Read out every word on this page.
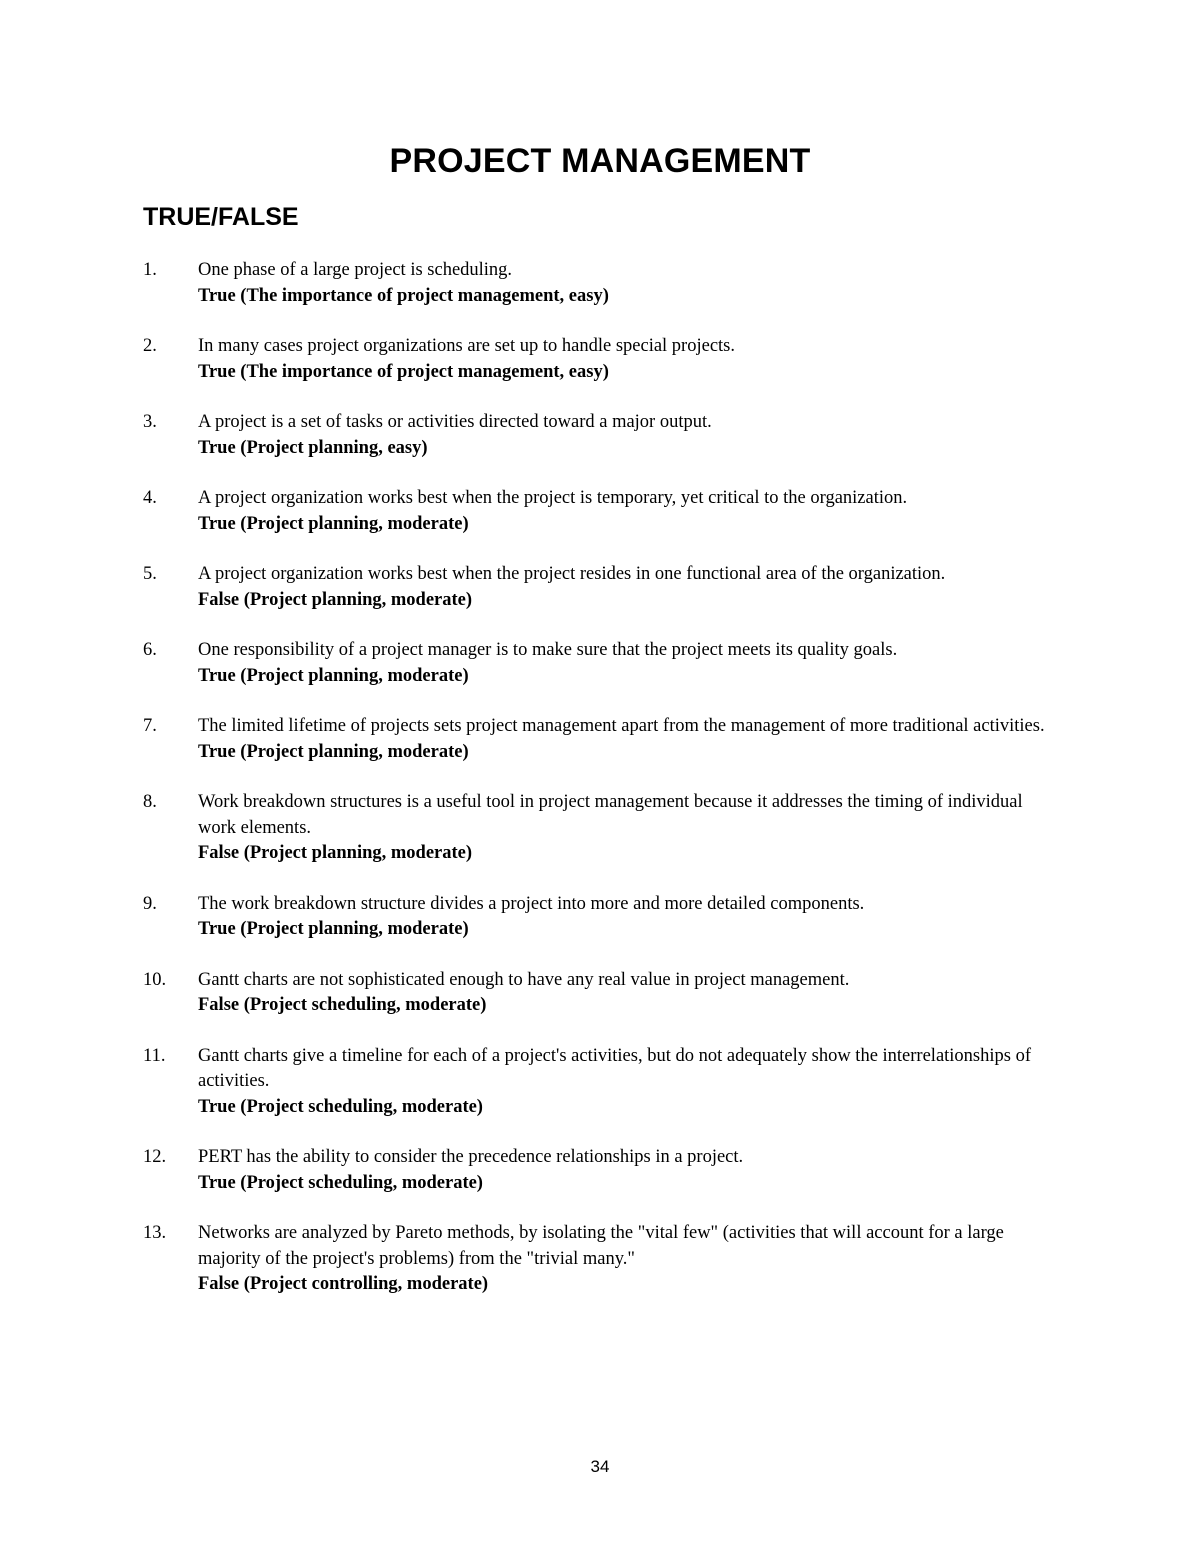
PROJECT MANAGEMENT
TRUE/FALSE
1. One phase of a large project is scheduling.
True (The importance of project management, easy)
2. In many cases project organizations are set up to handle special projects.
True (The importance of project management, easy)
3. A project is a set of tasks or activities directed toward a major output.
True (Project planning, easy)
4. A project organization works best when the project is temporary, yet critical to the organization.
True (Project planning, moderate)
5. A project organization works best when the project resides in one functional area of the organization.
False (Project planning, moderate)
6. One responsibility of a project manager is to make sure that the project meets its quality goals.
True (Project planning, moderate)
7. The limited lifetime of projects sets project management apart from the management of more traditional activities.
True (Project planning, moderate)
8. Work breakdown structures is a useful tool in project management because it addresses the timing of individual work elements.
False (Project planning, moderate)
9. The work breakdown structure divides a project into more and more detailed components.
True (Project planning, moderate)
10. Gantt charts are not sophisticated enough to have any real value in project management.
False (Project scheduling, moderate)
11. Gantt charts give a timeline for each of a project's activities, but do not adequately show the interrelationships of activities.
True (Project scheduling, moderate)
12. PERT has the ability to consider the precedence relationships in a project.
True (Project scheduling, moderate)
13. Networks are analyzed by Pareto methods, by isolating the "vital few" (activities that will account for a large majority of the project's problems) from the "trivial many."
False (Project controlling, moderate)
34
